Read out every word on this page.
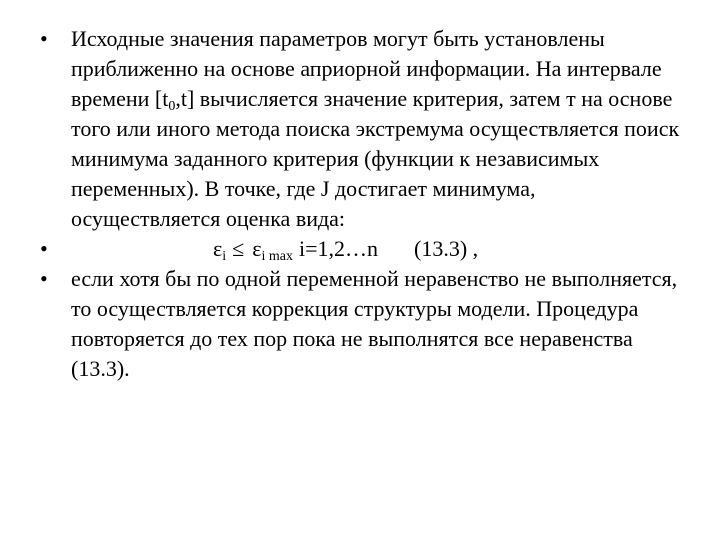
•	Исходные значения параметров могут быть установлены приближенно на основе априорной информации. На интервале времени $[t_0,t]$ вычисляется значение критерия, затем т на основе того или иного метода поиска экстремума осуществляется поиск минимума заданного критерия (функции к независимых переменных). В точке, где J достигает минимума, осуществляется оценка вида:
•	$\varepsilon_i \le \varepsilon_{i max}$ i=1,2…n (13.3) ,
•	если хотя бы по одной переменной неравенство не выполняется, то осуществляется коррекция структуры модели. Процедура повторяется до тех пор пока не выполнятся все неравенства (13.3).
